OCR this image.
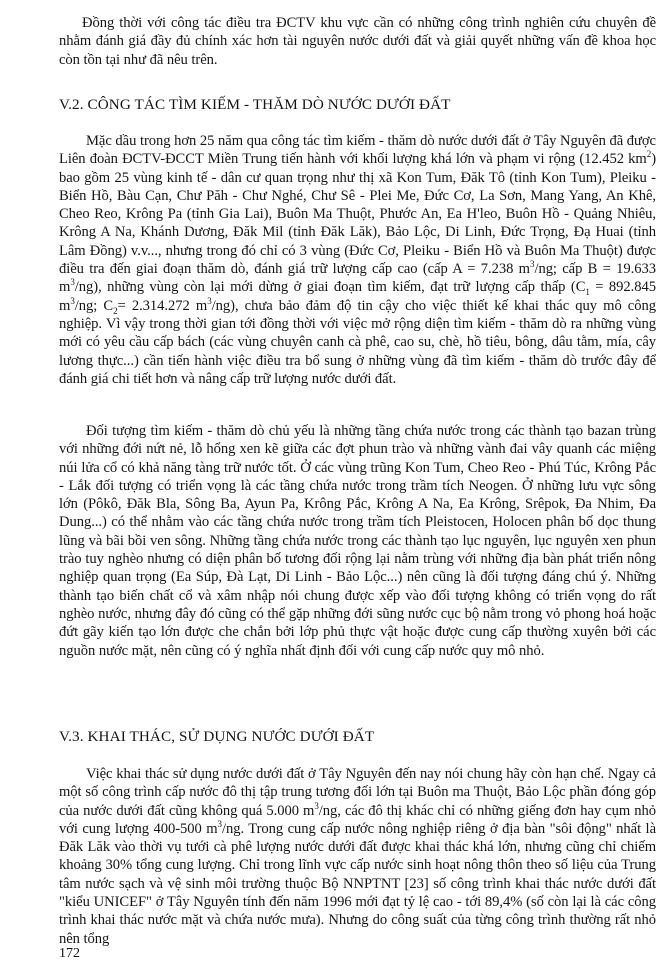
Đồng thời với công tác điều tra ĐCTV khu vực cần có những công trình nghiên cứu chuyên đề nhằm đánh giá đầy đủ chính xác hơn tài nguyên nước dưới đất và giải quyết những vấn đề khoa học còn tồn tại như đã nêu trên.

V.2. CÔNG TÁC TÌM KIẾM - THĂM DÒ NƯỚC DƯỚI ĐẤT

Mặc dầu trong hơn 25 năm qua công tác tìm kiếm - thăm dò nước dưới đất ở Tây Nguyên đã được Liên đoàn ĐCTV-ĐCCT Miền Trung tiến hành với khối lượng khá lớn và phạm vi rộng (12.452 $km^2$) bao gồm 25 vùng kinh tế - dân cư quan trọng như thị xã Kon Tum, Đăk Tô (tỉnh Kon Tum), Pleiku - Biển Hồ, Bàu Cạn, Chư Păh - Chư Nghé, Chư Sê - Plei Me, Đức Cơ, La Sơn, Mang Yang, An Khê, Cheo Reo, Krông Pa (tỉnh Gia Lai), Buôn Ma Thuột, Phước An, Ea H'leo, Buôn Hồ - Quảng Nhiêu, Krông A Na, Khánh Dương, Đăk Mil (tỉnh Đăk Lăk), Bảo Lộc, Di Linh, Đức Trọng, Đạ Huai (tỉnh Lâm Đồng) v.v..., nhưng trong đó chỉ có 3 vùng (Đức Cơ, Pleiku - Biển Hồ và Buôn Ma Thuột) được điều tra đến giai đoạn thăm dò, đánh giá trữ lượng cấp cao (cấp A = 7.238 $m^3/ng$; cấp B = 19.633 $m^3/ng$), những vùng còn lại mới dừng ở giai đoạn tìm kiếm, đạt trữ lượng cấp thấp ($C_1 = 892.845$ $m^3/ng$; $C_2= 2.314.272$ $m^3/ng$), chưa bảo đảm độ tin cậy cho việc thiết kế khai thác quy mô công nghiệp. Vì vậy trong thời gian tới đồng thời với việc mở rộng diện tìm kiếm - thăm dò ra những vùng mới có yêu cầu cấp bách (các vùng chuyên canh cà phê, cao su, chè, hồ tiêu, bông, dâu tằm, mía, cây lương thực...) cần tiến hành việc điều tra bổ sung ở những vùng đã tìm kiếm - thăm dò trước đây để đánh giá chi tiết hơn và nâng cấp trữ lượng nước dưới đất.

Đối tượng tìm kiếm - thăm dò chủ yếu là những tầng chứa nước trong các thành tạo bazan trùng với những đới nứt nẻ, lỗ hổng xen kẽ giữa các đợt phun trào và những vành đai vây quanh các miệng núi lửa cổ có khả năng tàng trữ nước tốt. Ở các vùng trũng Kon Tum, Cheo Reo - Phú Túc, Krông Pắc - Lắk đối tượng có triển vọng là các tầng chứa nước trong trầm tích Neogen. Ở những lưu vực sông lớn (Pôkô, Đăk Bla, Sông Ba, Ayun Pa, Krông Pắc, Krông A Na, Ea Krông, Srêpok, Đa Nhim, Đa Dung...) có thể nhằm vào các tầng chứa nước trong trầm tích Pleistocen, Holocen phân bố dọc thung lũng và bãi bồi ven sông. Những tầng chứa nước trong các thành tạo lục nguyên, lục nguyên xen phun trào tuy nghèo nhưng có diện phân bố tương đối rộng lại nằm trùng với những địa bàn phát triển nông nghiệp quan trọng (Ea Súp, Đà Lạt, Di Linh - Bảo Lộc...) nên cũng là đối tượng đáng chú ý. Những thành tạo biến chất cổ và xâm nhập nói chung được xếp vào đối tượng không có triển vọng do rất nghèo nước, nhưng đây đó cũng có thể gặp những đới sũng nước cục bộ nằm trong vỏ phong hoá hoặc đứt gãy kiến tạo lớn được che chắn bởi lớp phủ thực vật hoặc được cung cấp thường xuyên bởi các nguồn nước mặt, nên cũng có ý nghĩa nhất định đối với cung cấp nước quy mô nhỏ.

V.3. KHAI THÁC, SỬ DỤNG NƯỚC DƯỚI ĐẤT

Việc khai thác sử dụng nước dưới đất ở Tây Nguyên đến nay nói chung hãy còn hạn chế. Ngay cả một số công trình cấp nước đô thị tập trung tương đối lớn tại Buôn ma Thuột, Bảo Lộc phần đóng góp của nước dưới đất cũng không quá 5.000 $m^3/ng$, các đô thị khác chỉ có những giếng đơn hay cụm nhỏ với cung lượng 400-500 $m^3/ng$. Trong cung cấp nước nông nghiệp riêng ở địa bàn "sôi động" nhất là Đăk Lăk vào thời vụ tưới cà phê lượng nước dưới đất được khai thác khá lớn, nhưng cũng chỉ chiếm khoảng 30% tổng cung lượng. Chỉ trong lĩnh vực cấp nước sinh hoạt nông thôn theo số liệu của Trung tâm nước sạch và vệ sinh môi trường thuộc Bộ NNPTNT [23] số công trình khai thác nước dưới đất "kiểu UNICEF" ở Tây Nguyên tính đến năm 1996 mới đạt tỷ lệ cao - tới 89,4% (số còn lại là các công trình khai thác nước mặt và chứa nước mưa). Nhưng do công suất của từng công trình thường rất nhỏ nên tổng

172
